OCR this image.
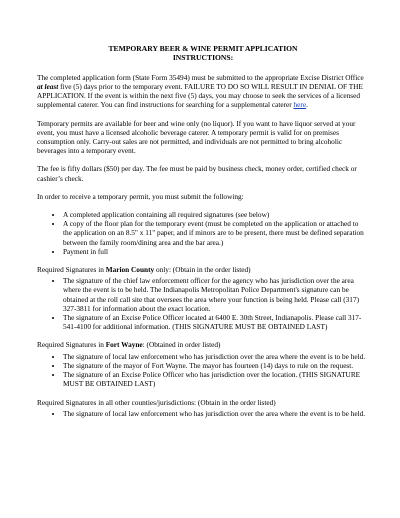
TEMPORARY BEER & WINE PERMIT APPLICATION
INSTRUCTIONS:

The completed application form (State Form 35494) must be submitted to the appropriate Excise District Office at least five (5) days prior to the temporary event. FAILURE TO DO SO WILL RESULT IN DENIAL OF THE APPLICATION. If the event is within the next five (5) days, you may choose to seek the services of a licensed supplemental caterer. You can find instructions for searching for a supplemental caterer here.

Temporary permits are available for beer and wine only (no liquor). If you want to have liquor served at your event, you must have a licensed alcoholic beverage caterer. A temporary permit is valid for on premises consumption only. Carry-out sales are not permitted, and individuals are not permitted to bring alcoholic beverages into a temporary event.

The fee is fifty dollars ($50) per day. The fee must be paid by business check, money order, certified check or cashier’s check.

In order to receive a temporary permit, you must submit the following:

• A completed application containing all required signatures (see below)
• A copy of the floor plan for the temporary event (must be completed on the application or attached to the application on an 8.5" x 11" paper, and if minors are to be present, there must be defined separation between the family room/dining area and the bar area.)
• Payment in full

Required Signatures in Marion County only: (Obtain in the order listed)

• The signature of the chief law enforcement officer for the agency who has jurisdiction over the area where the event is to be held. The Indianapolis Metropolitan Police Department's signature can be obtained at the roll call site that oversees the area where your function is being held. Please call (317) 327-3811 for information about the exact location.
• The signature of an Excise Police Officer located at 6400 E. 30th Street, Indianapolis. Please call 317-541-4100 for additional information. (THIS SIGNATURE MUST BE OBTAINED LAST)

Required Signatures in Fort Wayne: (Obtained in order listed)

• The signature of local law enforcement who has jurisdiction over the area where the event is to be held.
• The signature of the mayor of Fort Wayne. The mayor has fourteen (14) days to rule on the request.
• The signature of an Excise Police Officer who has jurisdiction over the location. (THIS SIGNATURE MUST BE OBTAINED LAST)

Required Signatures in all other counties/jurisdictions: (Obtain in the order listed)

• The signature of local law enforcement who has jurisdiction over the area where the event is to be held.
